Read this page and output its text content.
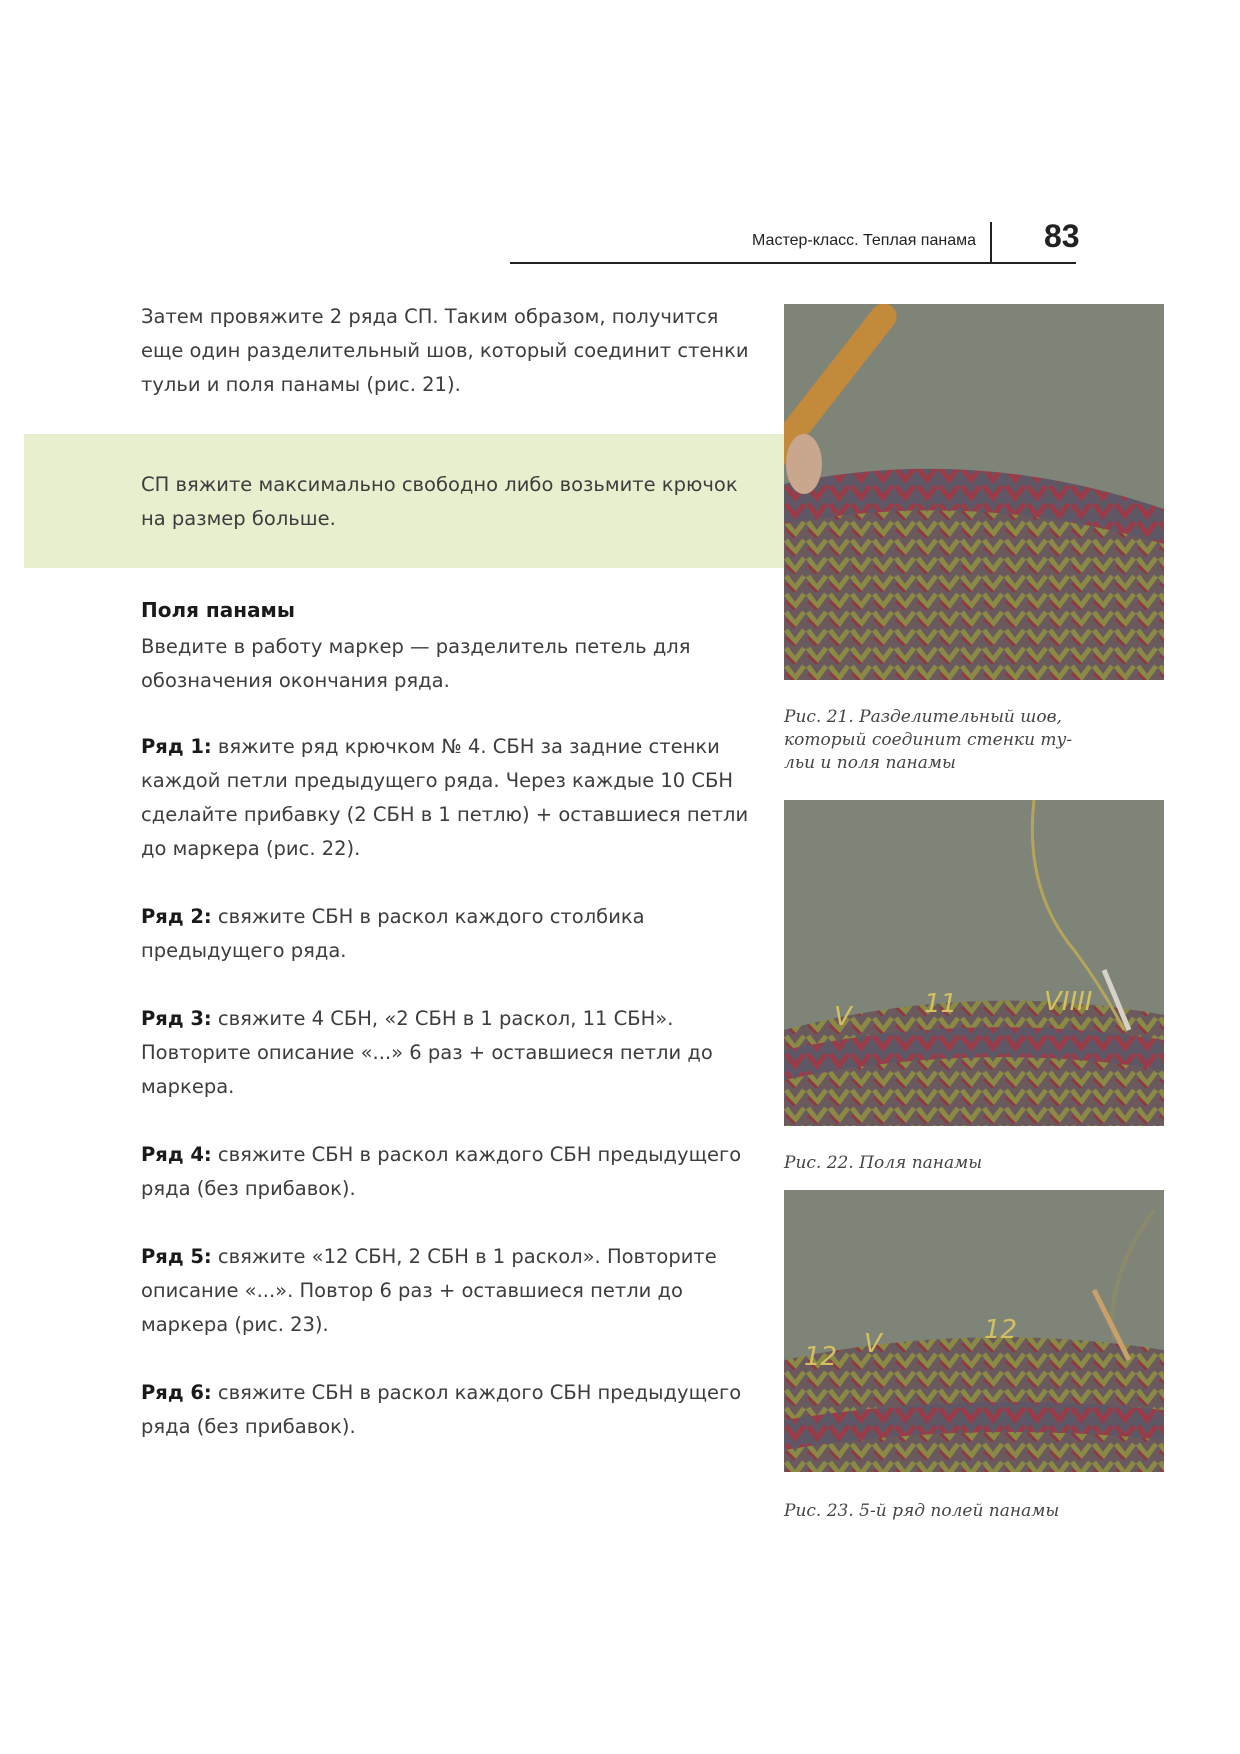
Мастер-класс. Теплая панама 83

Затем провяжите 2 ряда СП. Таким образом, получится еще один разделительный шов, который соединит стенки тульи и поля панамы (рис. 21).

СП вяжите максимально свободно либо возьмите крючок на размер больше.

Поля панамы

Введите в работу маркер — разделитель петель для обозначения окончания ряда.

Ряд 1: вяжите ряд крючком № 4. СБН за задние стенки каждой петли предыдущего ряда. Через каждые 10 СБН сделайте прибавку (2 СБН в 1 петлю) + оставшиеся петли до маркера (рис. 22).

Ряд 2: свяжите СБН в раскол каждого столбика предыдущего ряда.

Ряд 3: свяжите 4 СБН, «2 СБН в 1 раскол, 11 СБН». Повторите описание «...» 6 раз + оставшиеся петли до маркера.

Ряд 4: свяжите СБН в раскол каждого СБН предыдущего ряда (без прибавок).

Ряд 5: свяжите «12 СБН, 2 СБН в 1 раскол». Повторите описание «...». Повтор 6 раз + оставшиеся петли до маркера (рис. 23).

Ряд 6: свяжите СБН в раскол каждого СБН предыдущего ряда (без прибавок).

Рис. 21. Разделительный шов, который соединит стенки ту-льи и поля панамы

V	11	VIIII

Рис. 22. Поля панамы

12 V	12

Рис. 23. 5-й ряд полей панамы
